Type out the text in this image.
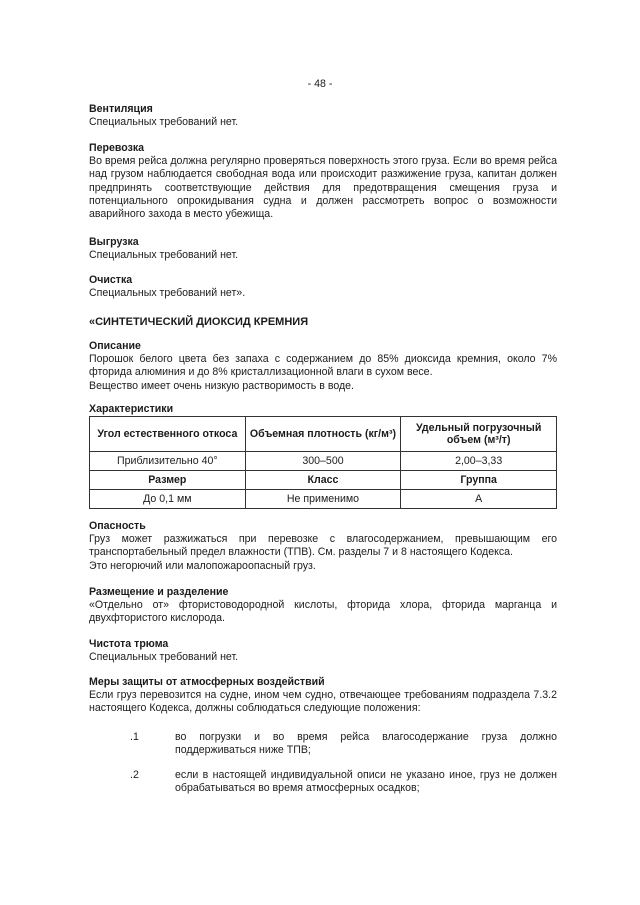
- 48 -
Вентиляция
Специальных требований нет.
Перевозка
Во время рейса должна регулярно проверяться поверхность этого груза. Если во время рейса над грузом наблюдается свободная вода или происходит разжижение груза, капитан должен предпринять соответствующие действия для предотвращения смещения груза и потенциального опрокидывания судна и должен рассмотреть вопрос о возможности аварийного захода в место убежища.
Выгрузка
Специальных требований нет.
Очистка
Специальных требований нет».
«СИНТЕТИЧЕСКИЙ ДИОКСИД КРЕМНИЯ
Описание
Порошок белого цвета без запаха с содержанием до 85% диоксида кремния, около 7% фторида алюминия и до 8% кристаллизационной влаги в сухом весе.
Вещество имеет очень низкую растворимость в воде.
Характеристики
Угол естественного откоса	Объемная плотность (кг/м³)	Удельный погрузочный объем (м³/т)
Приблизительно 40°	300–500	2,00–3,33
Размер	Класс	Группа
До 0,1 мм	Не применимо	А
Опасность
Груз может разжижаться при перевозке с влагосодержанием, превышающим его транспортабельный предел влажности (ТПВ). См. разделы 7 и 8 настоящего Кодекса.
Это негорючий или малопожароопасный груз.
Размещение и разделение
«Отдельно от» фтористоводородной кислоты, фторида хлора, фторида марганца и двухфтористого кислорода.
Чистота трюма
Специальных требований нет.
Меры защиты от атмосферных воздействий
Если груз перевозится на судне, ином чем судно, отвечающее требованиям подраздела 7.3.2 настоящего Кодекса, должны соблюдаться следующие положения:
.1	во погрузки и во время рейса влагосодержание груза должно поддерживаться ниже ТПВ;
.2	если в настоящей индивидуальной описи не указано иное, груз не должен обрабатываться во время атмосферных осадков;
